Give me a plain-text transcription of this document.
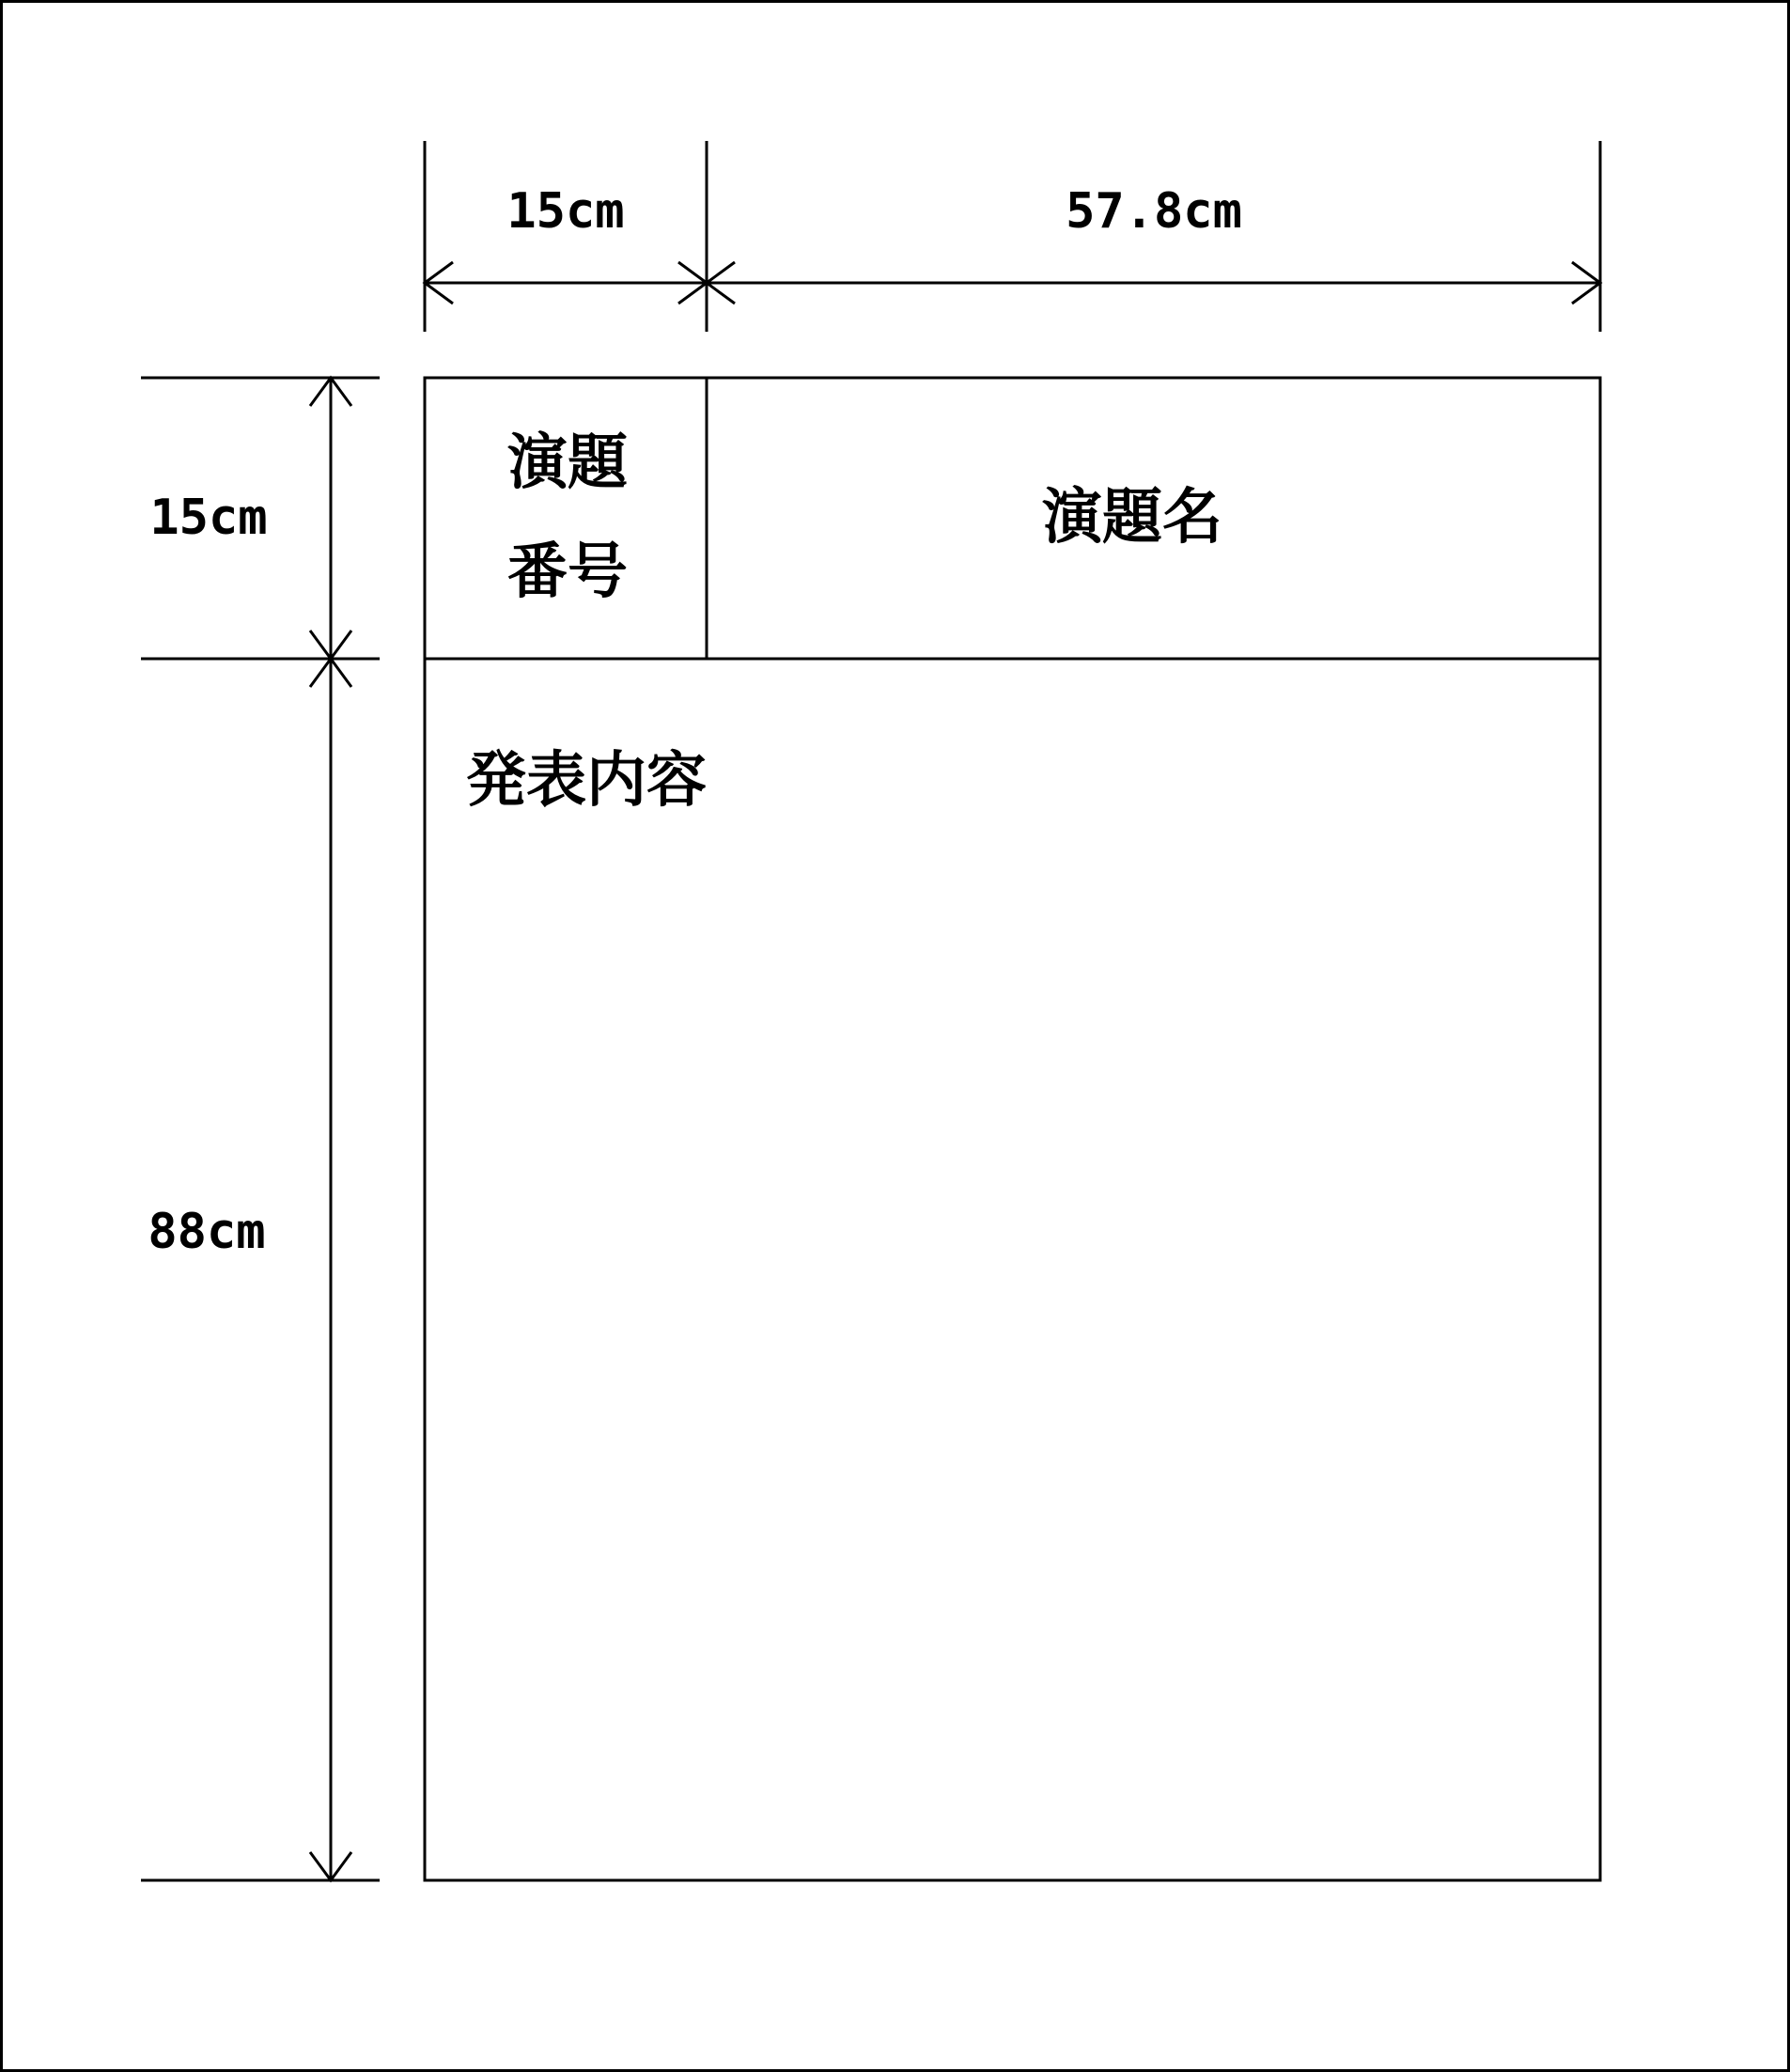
15cm	57.8cm
15cm
88cm
演題
番号
演題名
発表内容
